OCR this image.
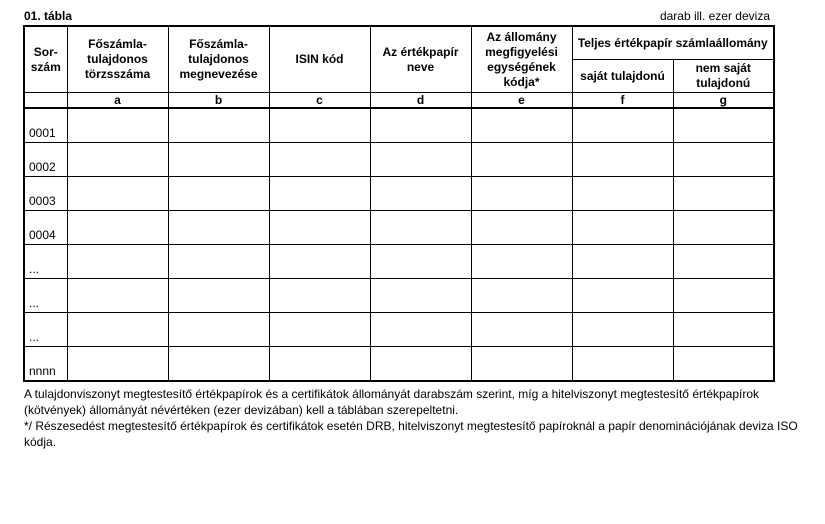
01. tábla	darab ill. ezer deviza
Sor-szám	Főszámla-tulajdonos törzsszáma	Főszámla-tulajdonos megnevezése	ISIN kód	Az értékpapír neve	Az állomány megfigyelési egységének kódja*	Teljes értékpapír számlaállomány	
						saját tulajdonú	nem saját tulajdonú
	a	b	c	d	e	f	g
0001							
0002							
0003							
0004							
...							
...							
...							
nnnn							

A tulajdonviszonyt megtestesítő értékpapírok és a certifikátok állományát darabszám szerint, míg a hitelviszonyt megtestesítő értékpapírok (kötvények) állományát névértéken (ezer devizában) kell a táblában szerepeltetni.

*/ Részesedést megtestesítő értékpapírok és certifikátok esetén DRB, hitelviszonyt megtestesítő papíroknál a papír denominációjának deviza ISO kódja.
